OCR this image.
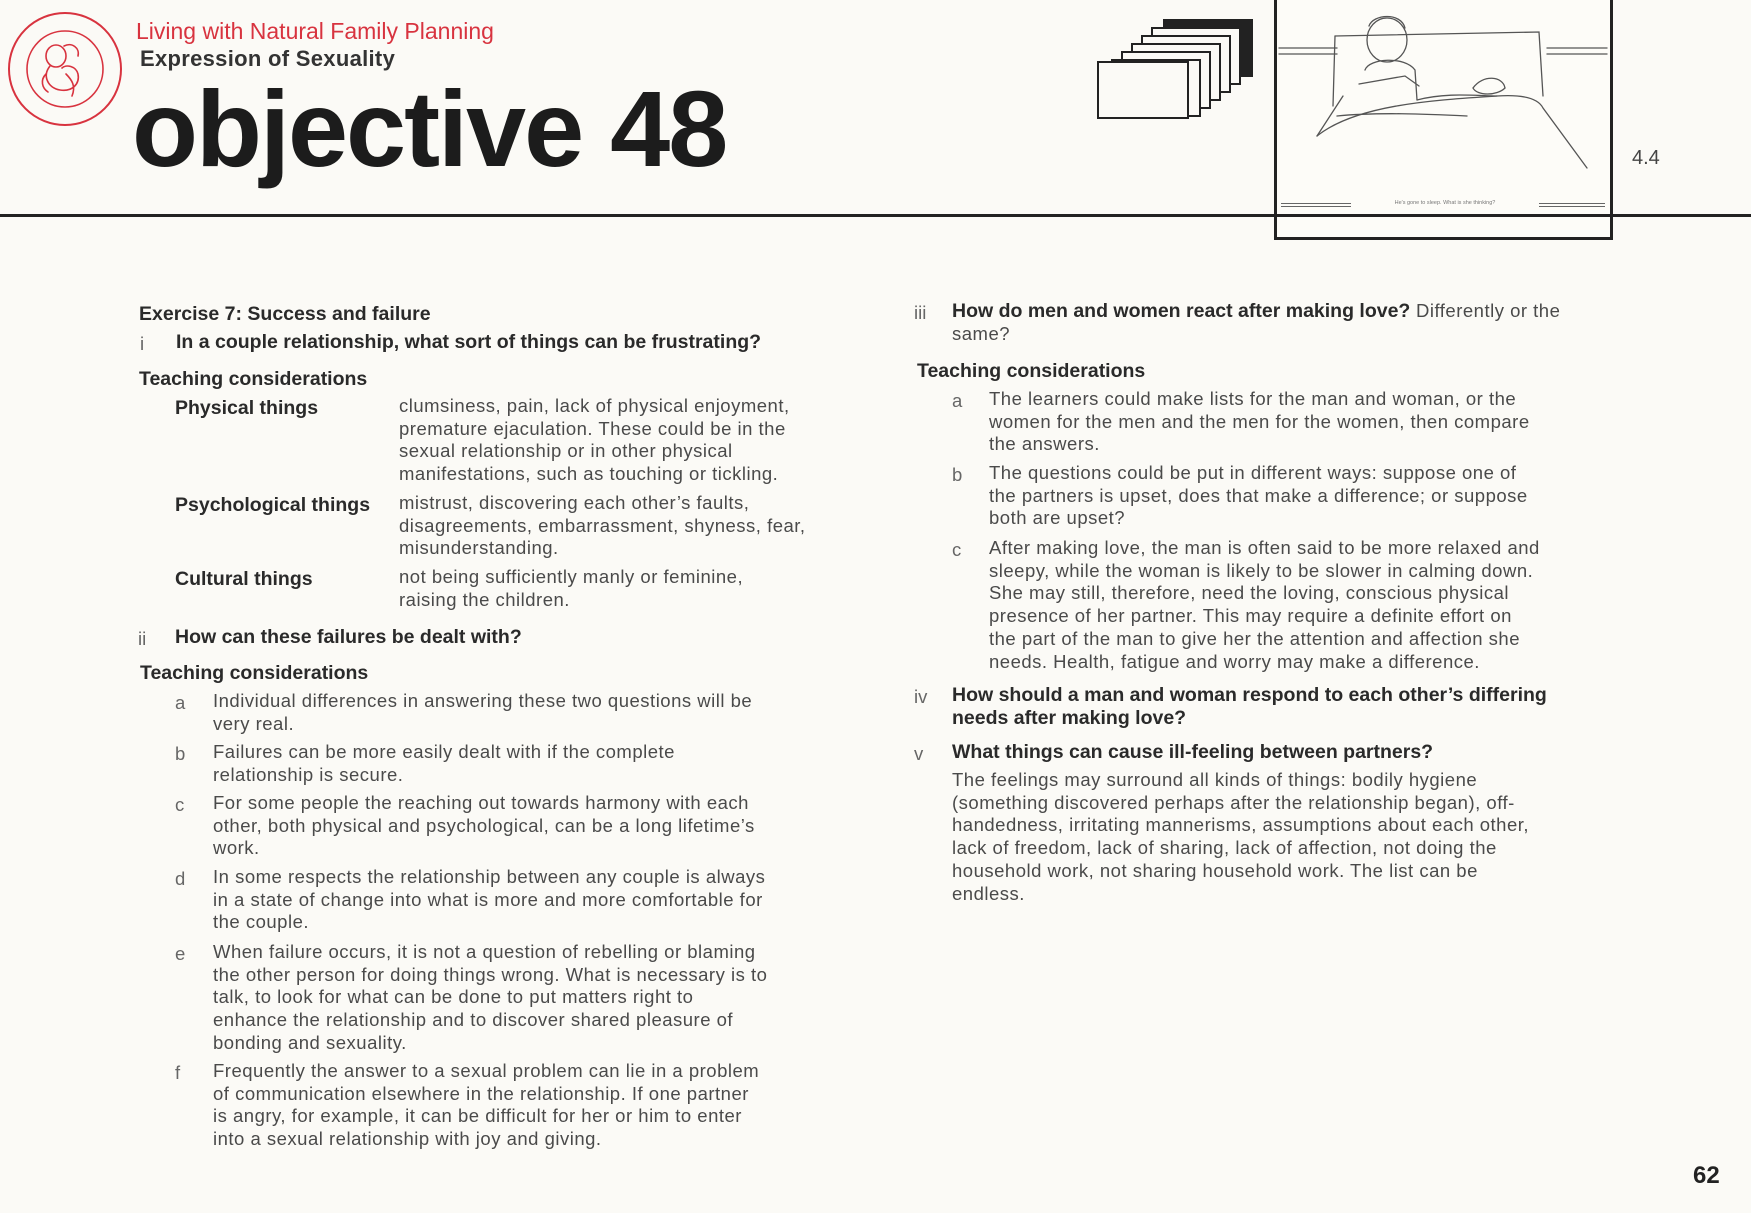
Living with Natural Family Planning
Expression of Sexuality
objective 48
He's gone to sleep. What is she thinking?
4.4
Exercise 7: Success and failure
i In a couple relationship, what sort of things can be frustrating?
Teaching considerations
Physical things	clumsiness, pain, lack of physical enjoyment,
premature ejaculation. These could be in the
sexual relationship or in other physical
manifestations, such as touching or tickling.
Psychological things mistrust, discovering each other’s faults,
disagreements, embarrassment, shyness, fear,
misunderstanding.
Cultural things	not being sufficiently manly or feminine,
raising the children.
ii How can these failures be dealt with?
Teaching considerations
a Individual differences in answering these two questions will be
very real.
b Failures can be more easily dealt with if the complete
relationship is secure.
c For some people the reaching out towards harmony with each
other, both physical and psychological, can be a long lifetime’s
work.
d In some respects the relationship between any couple is always
in a state of change into what is more and more comfortable for
the couple.
e When failure occurs, it is not a question of rebelling or blaming
the other person for doing things wrong. What is necessary is to
talk, to look for what can be done to put matters right to
enhance the relationship and to discover shared pleasure of
bonding and sexuality.
f Frequently the answer to a sexual problem can lie in a problem
of communication elsewhere in the relationship. If one partner
is angry, for example, it can be difficult for her or him to enter
into a sexual relationship with joy and giving.
iii How do men and women react after making love? Differently or the
same?
Teaching considerations
a The learners could make lists for the man and woman, or the
women for the men and the men for the women, then compare
the answers.
b The questions could be put in different ways: suppose one of
the partners is upset, does that make a difference; or suppose
both are upset?
c After making love, the man is often said to be more relaxed and
sleepy, while the woman is likely to be slower in calming down.
She may still, therefore, need the loving, conscious physical
presence of her partner. This may require a definite effort on
the part of the man to give her the attention and affection she
needs. Health, fatigue and worry may make a difference.
iv How should a man and woman respond to each other’s differing
needs after making love?
v What things can cause ill-feeling between partners?
The feelings may surround all kinds of things: bodily hygiene
(something discovered perhaps after the relationship began), off-
handedness, irritating mannerisms, assumptions about each other,
lack of freedom, lack of sharing, lack of affection, not doing the
household work, not sharing household work. The list can be
endless.
62
